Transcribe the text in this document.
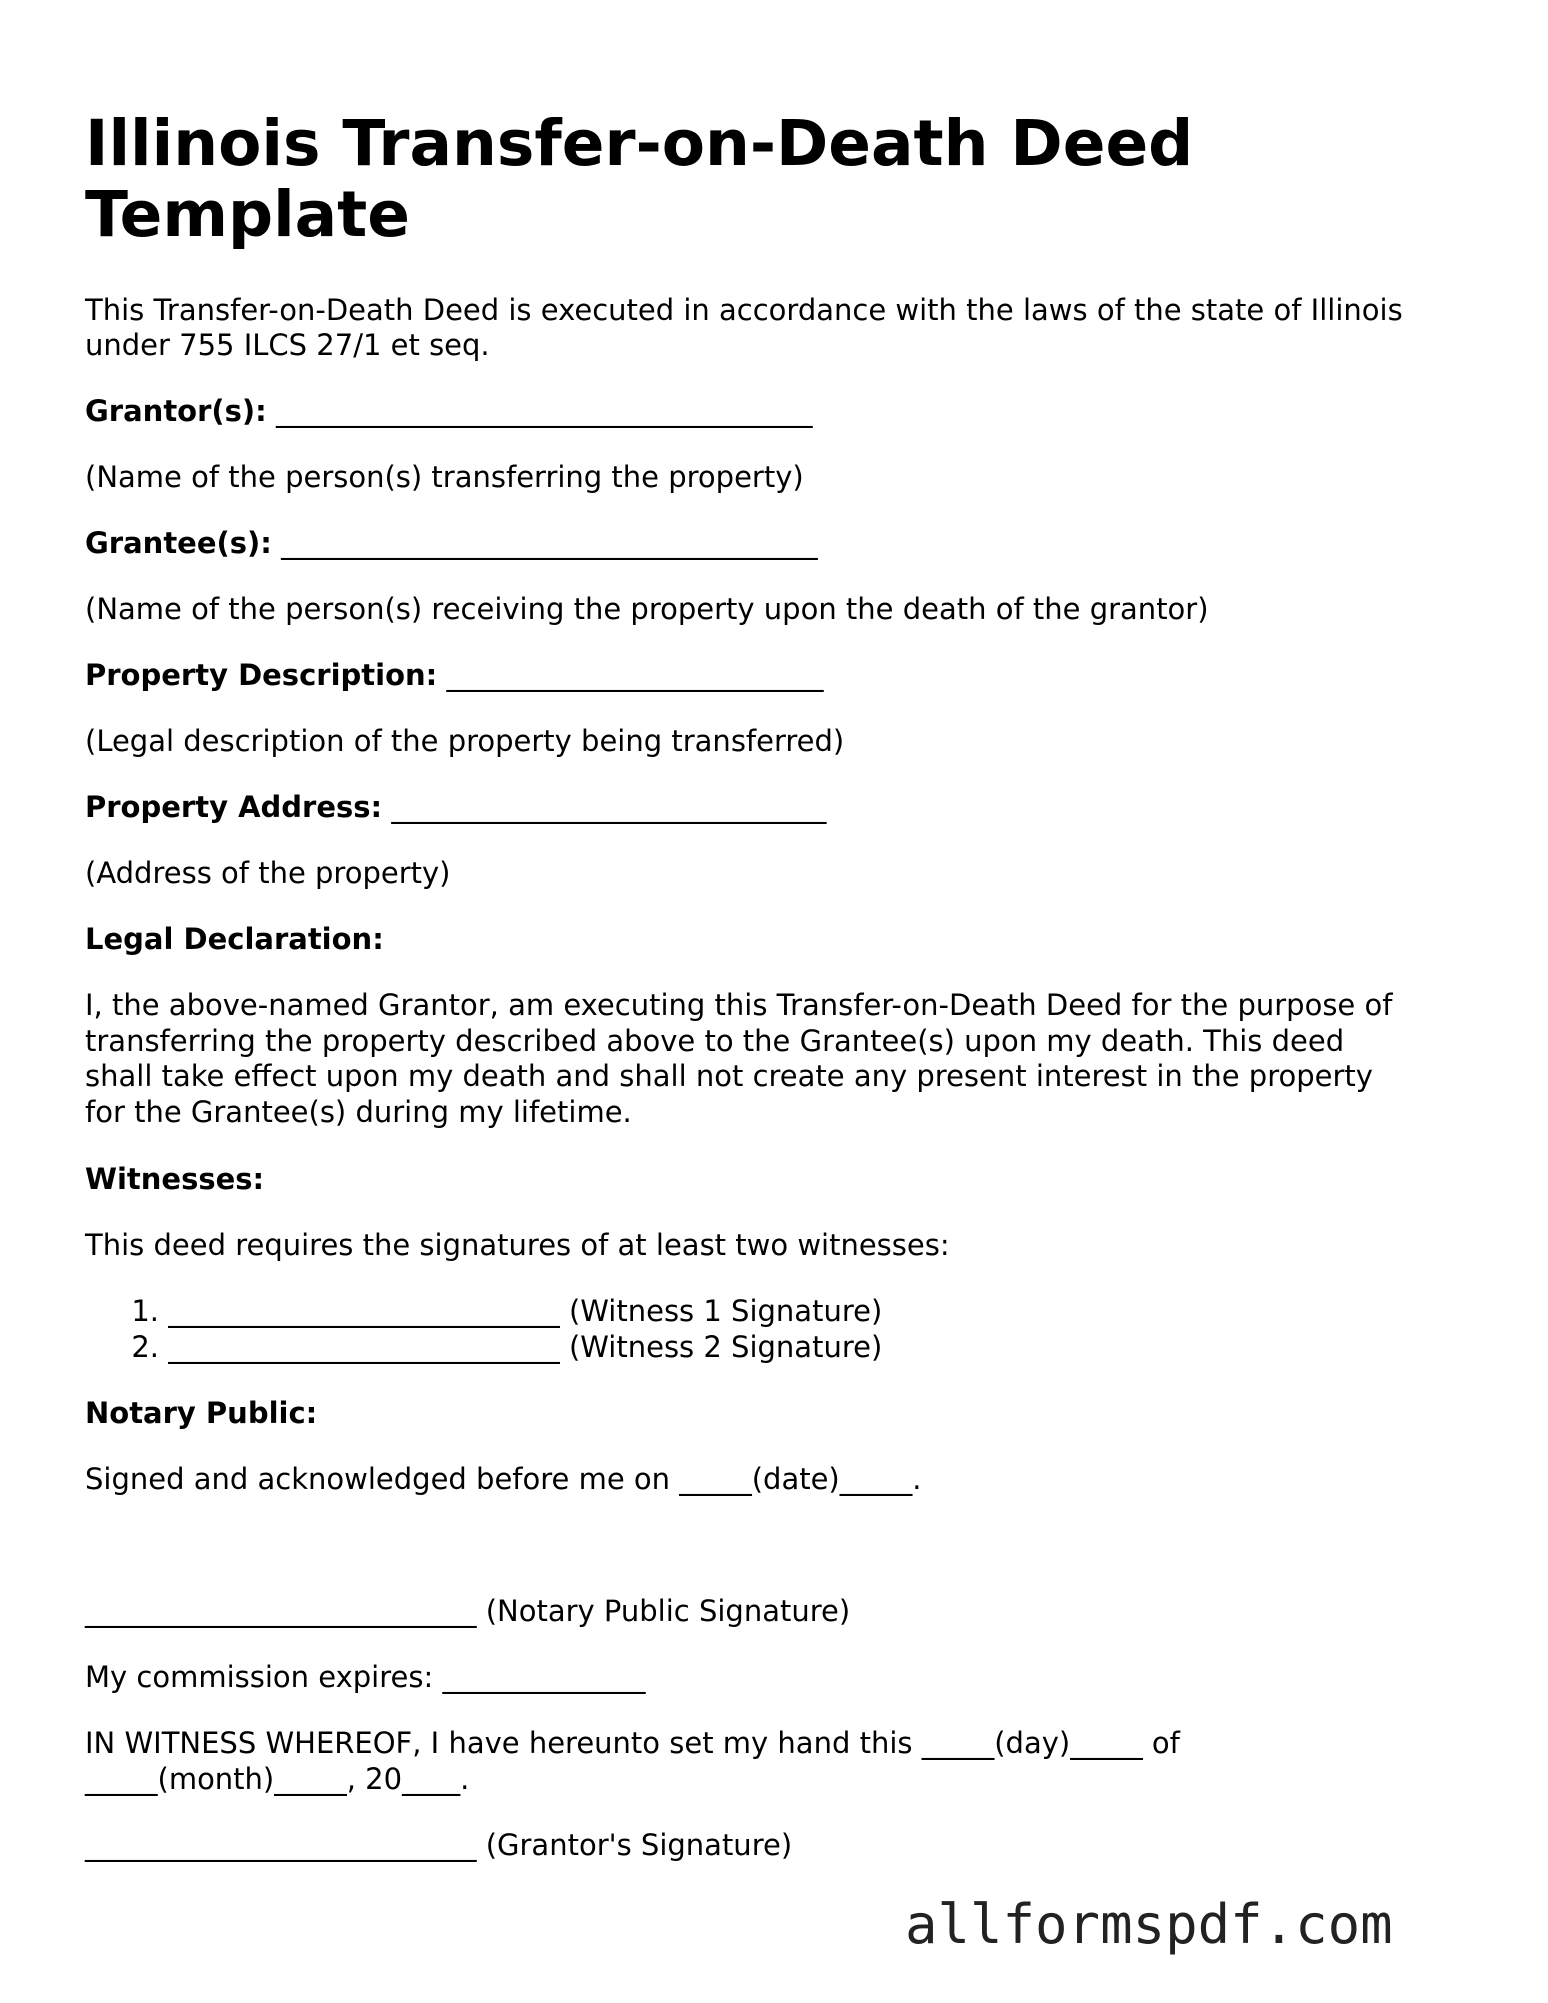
Illinois Transfer-on-Death Deed
Template

This Transfer-on-Death Deed is executed in accordance with the laws of the state of Illinois

under 755 ILCS 27/1 et seq.

Grantor(s): _____________________________________

(Name of the person(s) transferring the property)

Grantee(s): _____________________________________

(Name of the person(s) receiving the property upon the death of the grantor)

Property Description: __________________________

(Legal description of the property being transferred)

Property Address: ______________________________

(Address of the property)

Legal Declaration:

I, the above-named Grantor, am executing this Transfer-on-Death Deed for the purpose of

transferring the property described above to the Grantee(s) upon my death. This deed

shall take effect upon my death and shall not create any present interest in the property

for the Grantee(s) during my lifetime.

Witnesses:

This deed requires the signatures of at least two witnesses:

1. ___________________________ (Witness 1 Signature)

2. ___________________________ (Witness 2 Signature)

Notary Public:

Signed and acknowledged before me on _____(date)_____.

___________________________ (Notary Public Signature)

My commission expires: ______________

IN WITNESS WHEREOF, I have hereunto set my hand this _____(day)_____ of

_____(month)_____, 20____.

___________________________ (Grantor's Signature)

allformspdf.com
